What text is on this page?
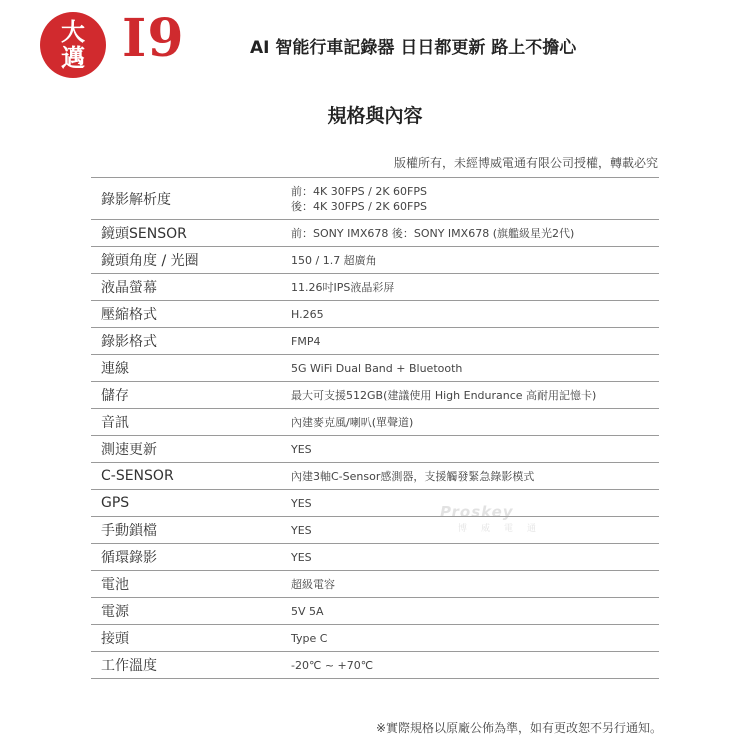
大邁 I9	AI 智能行車記錄器 日日都更新 路上不擔心
規格與內容
版權所有，未經博威電通有限公司授權，轉載必究
Proskey
博威電通
錄影解析度	前：4K 30FPS / 2K 60FPS
後：4K 30FPS / 2K 60FPS

鏡頭SENSOR	前：SONY IMX678 後：SONY IMX678 (旗艦級星光2代)

鏡頭角度 / 光圈	150 / 1.7 超廣角

液晶螢幕	11.26吋IPS液晶彩屏

壓縮格式	H.265

錄影格式	FMP4

連線	5G WiFi Dual Band + Bluetooth

儲存	最大可支援512GB(建議使用 High Endurance 高耐用記憶卡)

音訊	內建麥克風/喇叭(單聲道)

測速更新	YES

C-SENSOR	內建3軸C-Sensor感測器，支援觸發緊急錄影模式

GPS	YES

手動鎖檔	YES

循環錄影	YES

電池	超級電容

電源	5V 5A

接頭	Type C

工作溫度	-20℃ ~ +70℃
※實際規格以原廠公佈為準，如有更改恕不另行通知。
